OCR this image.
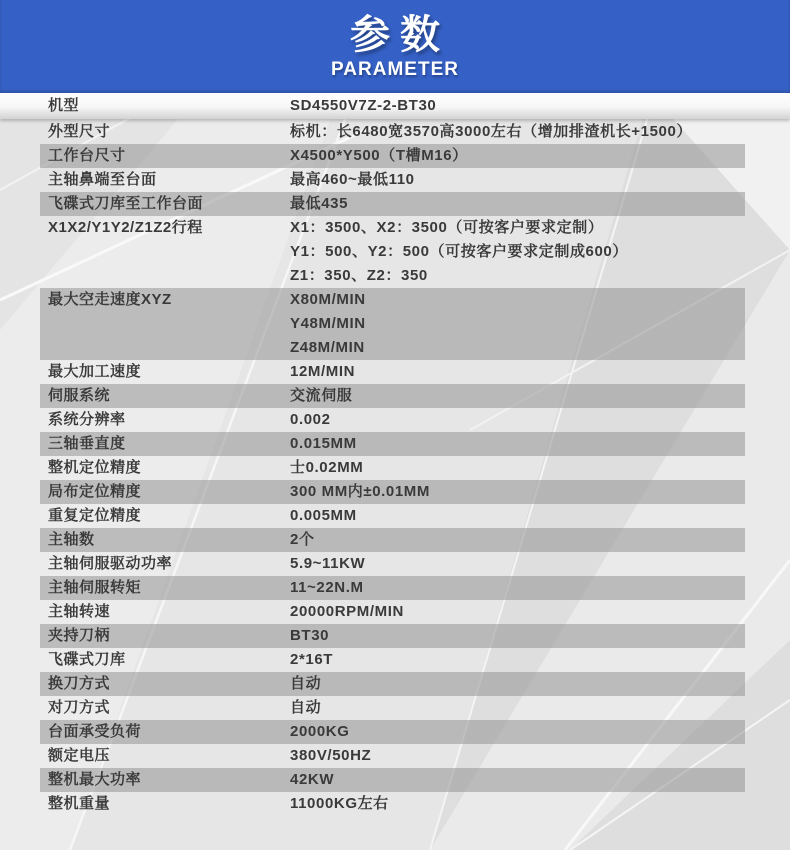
参数
PARAMETER
机型	SD4550V7Z-2-BT30
外型尺寸	标机：长6480宽3570高3000左右（增加排渣机长+1500）
工作台尺寸	X4500*Y500（T槽M16）
主轴鼻端至台面	最高460~最低110
飞碟式刀库至工作台面	最低435
X1X2/Y1Y2/Z1Z2行程	X1：3500、X2：3500（可按客户要求定制）
Y1：500、Y2：500（可按客户要求定制成600）
Z1：350、Z2：350
最大空走速度XYZ	X80M/MIN
Y48M/MIN
Z48M/MIN
最大加工速度	12M/MIN
伺服系统	交流伺服
系统分辨率	0.002
三轴垂直度	0.015MM
整机定位精度	士0.02MM
局布定位精度	300 MM内±0.01MM
重复定位精度	0.005MM
主轴数	2个
主轴伺服驱动功率	5.9~11KW
主轴伺服转矩	11~22N.M
主轴转速	20000RPM/MIN
夹持刀柄	BT30
飞碟式刀库	2*16T
换刀方式	自动
对刀方式	自动
台面承受负荷	2000KG
额定电压	380V/50HZ
整机最大功率	42KW
整机重量	11000KG左右
